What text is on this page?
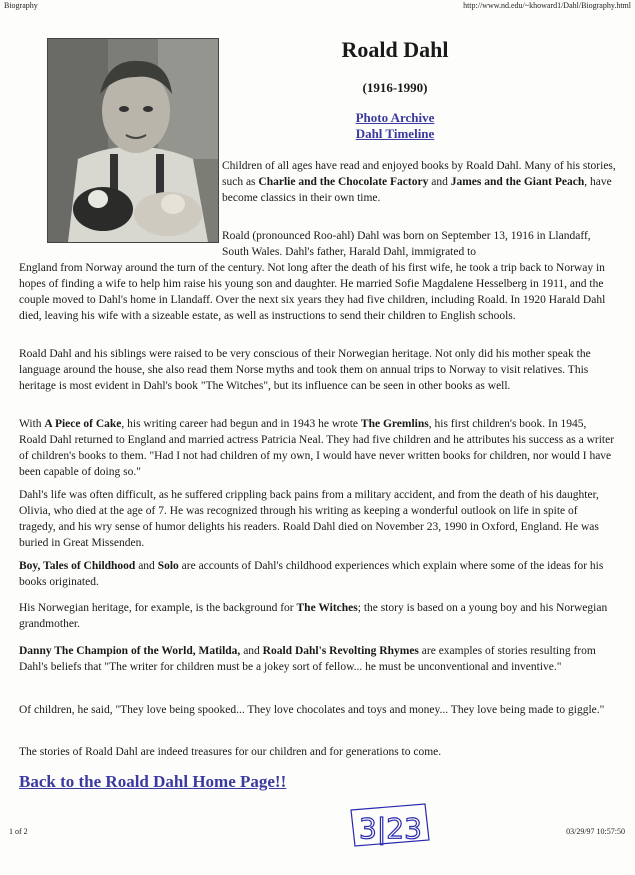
Biography	http://www.nd.edu/~khoward1/Dahl/Biography.html
Roald Dahl
(1916-1990)
Photo Archive
Dahl Timeline

Children of all ages have read and enjoyed books by Roald Dahl. Many of his stories, such as Charlie and the Chocolate Factory and James and the Giant Peach, have become classics in their own time.

Roald (pronounced Roo-ahl) Dahl was born on September 13, 1916 in Llandaff, South Wales. Dahl's father, Harald Dahl, immigrated to

England from Norway around the turn of the century. Not long after the death of his first wife, he took a trip back to Norway in hopes of finding a wife to help him raise his young son and daughter. He married Sofie Magdalene Hesselberg in 1911, and the couple moved to Dahl's home in Llandaff. Over the next six years they had five children, including Roald. In 1920 Harald Dahl died, leaving his wife with a sizeable estate, as well as instructions to send their children to English schools.

Roald Dahl and his siblings were raised to be very conscious of their Norwegian heritage. Not only did his mother speak the language around the house, she also read them Norse myths and took them on annual trips to Norway to visit relatives. This heritage is most evident in Dahl's book "The Witches", but its influence can be seen in other books as well.

With A Piece of Cake, his writing career had begun and in 1943 he wrote The Gremlins, his first children's book. In 1945, Roald Dahl returned to England and married actress Patricia Neal. They had five children and he attributes his success as a writer of children's books to them. "Had I not had children of my own, I would have never written books for children, nor would I have been capable of doing so."

Dahl's life was often difficult, as he suffered crippling back pains from a military accident, and from the death of his daughter, Olivia, who died at the age of 7. He was recognized through his writing as keeping a wonderful outlook on life in spite of tragedy, and his wry sense of humor delights his readers. Roald Dahl died on November 23, 1990 in Oxford, England. He was buried in Great Missenden.

Boy, Tales of Childhood and Solo are accounts of Dahl's childhood experiences which explain where some of the ideas for his books originated.

His Norwegian heritage, for example, is the background for The Witches; the story is based on a young boy and his Norwegian grandmother.

Danny The Champion of the World, Matilda, and Roald Dahl's Revolting Rhymes are examples of stories resulting from Dahl's beliefs that "The writer for children must be a jokey sort of fellow... he must be unconventional and inventive."

Of children, he said, "They love being spooked... They love chocolates and toys and money... They love being made to giggle."

The stories of Roald Dahl are indeed treasures for our children and for generations to come.

Back to the Roald Dahl Home Page!!
3|23
1 of 2	03/29/97 10:57:50
